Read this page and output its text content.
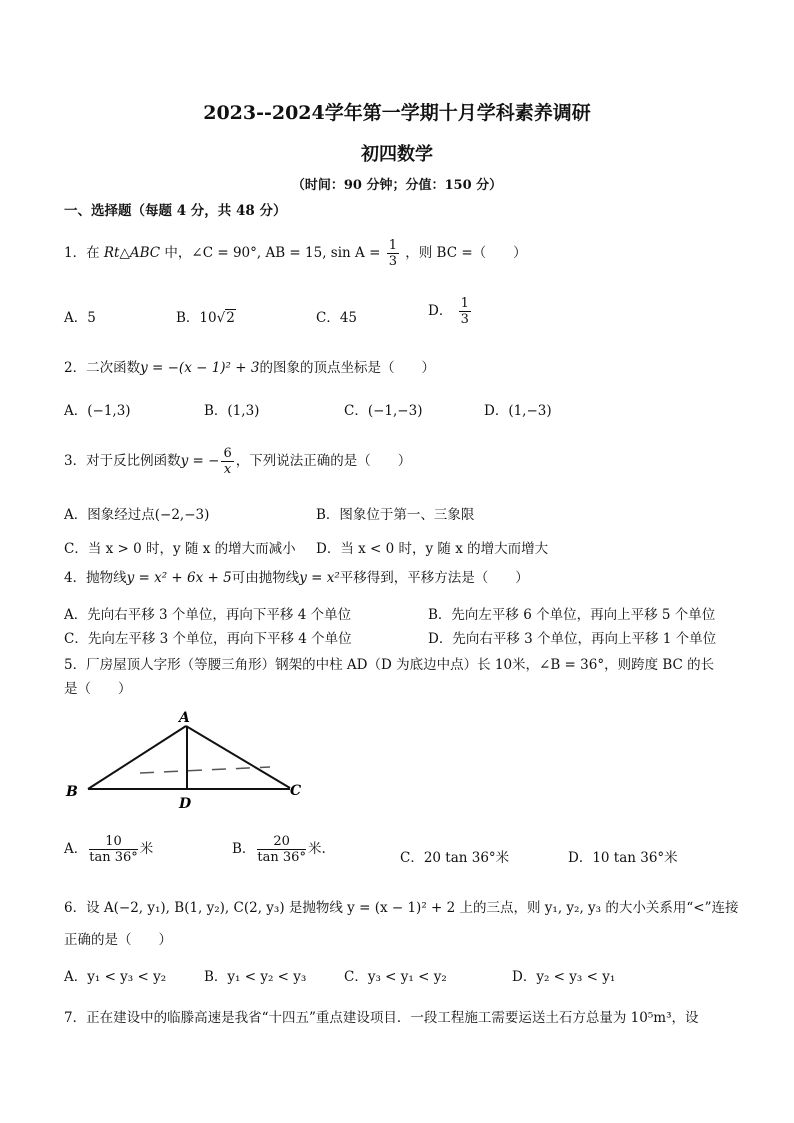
2023--2024学年第一学期十月学科素养调研
初四数学
（时间：90 分钟；分值：150 分）
一、选择题（每题 4 分，共 48 分）
1．在 Rt△ABC 中，∠C = 90°, AB = 15, $\sin A = \frac{1}{3}$ ，则 BC =（　　）
A．5	B．10√2	C．45	D． $\frac{1}{3}$
2．二次函数y = −(x − 1)² + 3的图象的顶点坐标是（　　）
A．(−1,3)	B．(1,3)	C．(−1,−3)	D．(1,−3)
3．对于反比例函数y = − $\frac{6}{x}$ ，下列说法正确的是（　　）
A．图象经过点(−2,−3)	B．图象位于第一、三象限
C．当 x > 0 时，y 随 x 的增大而减小 D．当 x < 0 时，y 随 x 的增大而增大
4．抛物线y = x² + 6x + 5可由抛物线y = x²平移得到，平移方法是（　　）
A．先向右平移 3 个单位，再向下平移 4 个单位	B．先向左平移 6 个单位，再向上平移 5 个单位
C．先向左平移 3 个单位，再向下平移 4 个单位	D．先向右平移 3 个单位，再向上平移 1 个单位
5．厂房屋顶人字形（等腰三角形）钢架的中柱 AD（D 为底边中点）长 10米，∠B = 36°，则跨度 BC 的长
是（　　）
A
B	C
D
A． $\frac{10}{\tan 36^\circ}$ 米	B． $\frac{20}{\tan 36^\circ}$ 米.
C．20 tan 36°米	D．10 tan 36°米
6．设 A(−2, y₁), B(1, y₂), C(2, y₃) 是抛物线 y = (x − 1)² + 2 上的三点，则 y₁, y₂, y₃ 的大小关系用“<”连接
正确的是（　　）
A．y₁ < y₃ < y₂	B．y₁ < y₂ < y₃	C．y₃ < y₁ < y₂	D．y₂ < y₃ < y₁
7．正在建设中的临滕高速是我省“十四五”重点建设项目．一段工程施工需要运送土石方总量为 10⁵m³，设
